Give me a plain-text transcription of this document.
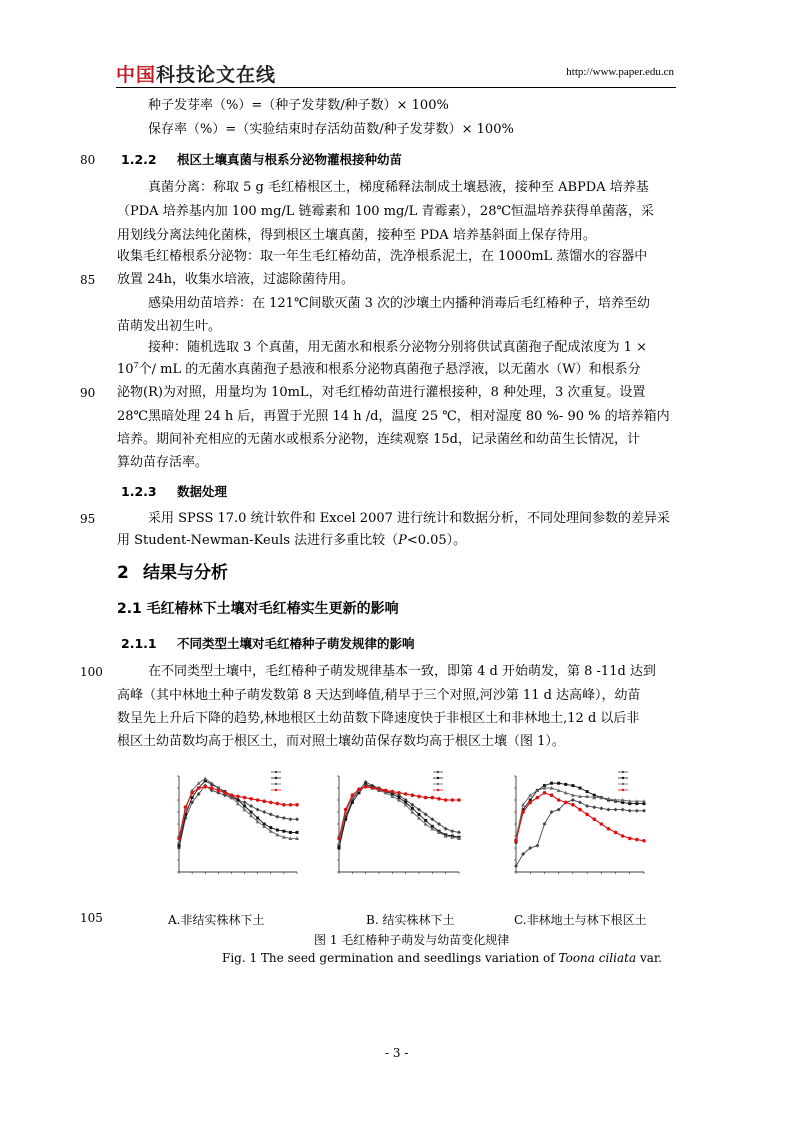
中国科技论文在线	http://www.paper.edu.cn
种子发芽率（%）=（种子发芽数/种子数）× 100%
保存率（%）=（实验结束时存活幼苗数/种子发芽数）× 100%
80 1.2.2 根区土壤真菌与根系分泌物灌根接种幼苗
真菌分离：称取 5 g 毛红椿根区土，梯度稀释法制成土壤悬液，接种至 ABPDA 培养基
（PDA 培养基内加 100 mg/L 链霉素和 100 mg/L 青霉素），28℃恒温培养获得单菌落，采
用划线分离法纯化菌株，得到根区土壤真菌，接种至 PDA 培养基斜面上保存待用。
收集毛红椿根系分泌物：取一年生毛红椿幼苗，洗净根系泥土，在 1000mL 蒸馏水的容器中
85 放置 24h，收集水培液，过滤除菌待用。
感染用幼苗培养：在 121℃间歇灭菌 3 次的沙壤土内播种消毒后毛红椿种子，培养至幼
苗萌发出初生叶。
接种：随机选取 3 个真菌，用无菌水和根系分泌物分别将供试真菌孢子配成浓度为 1 ×
$10^7$个/ mL 的无菌水真菌孢子悬液和根系分泌物真菌孢子悬浮液，以无菌水（W）和根系分
90 泌物(R)为对照，用量均为 10mL，对毛红椿幼苗进行灌根接种，8 种处理，3 次重复。设置
28℃黑暗处理 24 h 后，再置于光照 14 h /d，温度 25 ℃，相对湿度 80 %- 90 % 的培养箱内
培养。期间补充相应的无菌水或根系分泌物，连续观察 15d，记录菌丝和幼苗生长情况，计
算幼苗存活率。
1.2.3 数据处理
95	采用 SPSS 17.0 统计软件和 Excel 2007 进行统计和数据分析，不同处理间参数的差异采
用 Student-Newman-Keuls 法进行多重比较（P<0.05）。
2 结果与分析
2.1 毛红椿林下土壤对毛红椿实生更新的影响
2.1.1 不同类型土壤对毛红椿种子萌发规律的影响
100	在不同类型土壤中，毛红椿种子萌发规律基本一致，即第 4 d 开始萌发，第 8 -11d 达到
高峰（其中林地土种子萌发数第 8 天达到峰值,稍早于三个对照,河沙第 11 d 达高峰），幼苗
数呈先上升后下降的趋势,林地根区土幼苗数下降速度快于非根区土和非林地土,12 d 以后非
根区土幼苗数均高于根区土，而对照土壤幼苗保存数均高于根区土壤（图 1）。
105	A.非结实株林下土	B. 结实株林下土	C.非林地土与林下根区土
图 1 毛红椿种子萌发与幼苗变化规律
Fig. 1 The seed germination and seedlings variation of Toona ciliata var.
- 3 -
